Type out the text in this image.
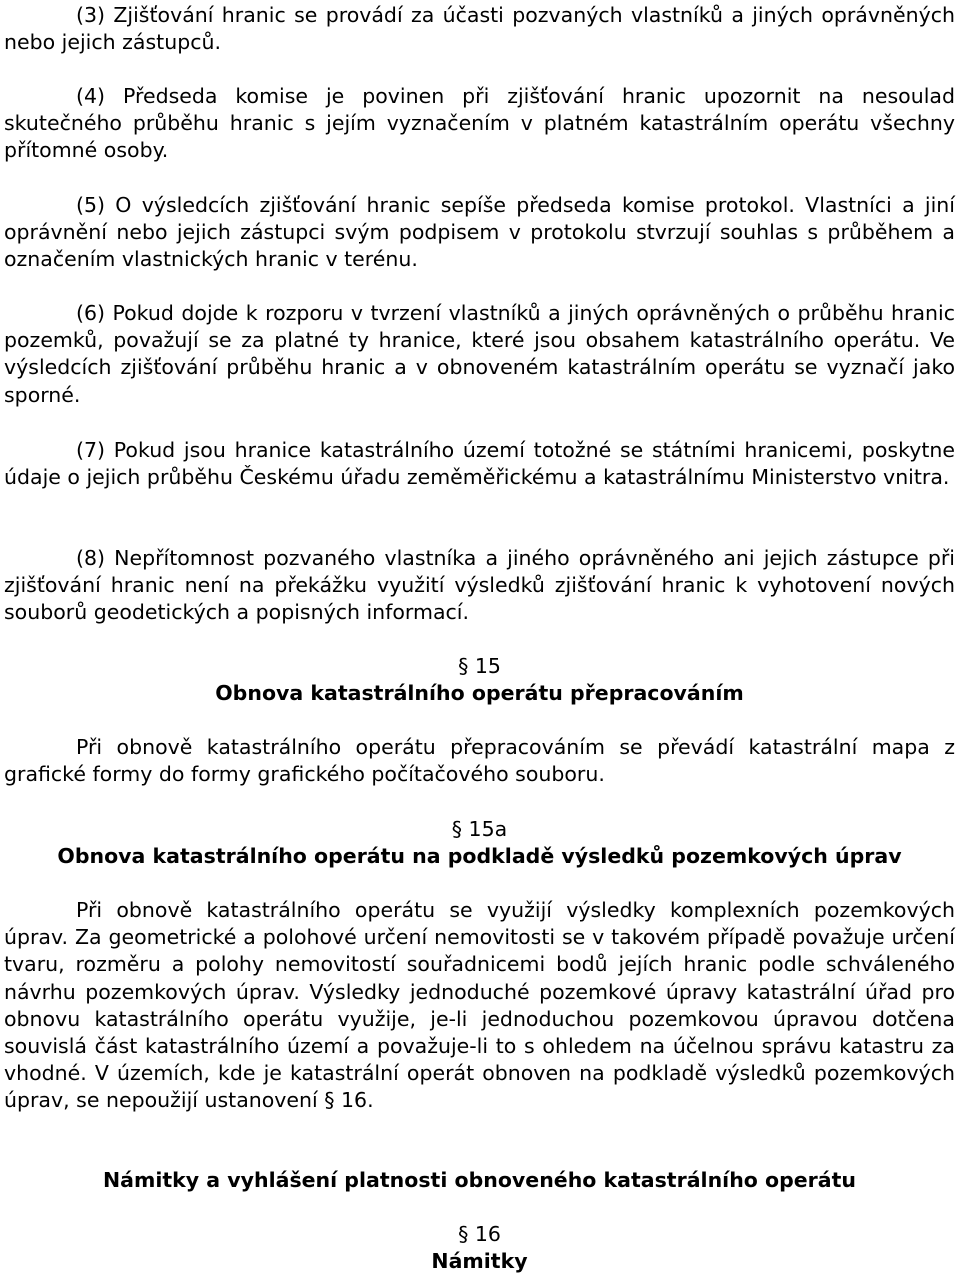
(3) Zjišťování hranic se provádí za účasti pozvaných vlastníků a jiných oprávněných nebo jejich zástupců.

(4) Předseda komise je povinen při zjišťování hranic upozornit na nesoulad skutečného průběhu hranic s jejím vyznačením v platném katastrálním operátu všechny přítomné osoby.

(5) O výsledcích zjišťování hranic sepíše předseda komise protokol. Vlastníci a jiní oprávnění nebo jejich zástupci svým podpisem v protokolu stvrzují souhlas s průběhem a označením vlastnických hranic v terénu.

(6) Pokud dojde k rozporu v tvrzení vlastníků a jiných oprávněných o průběhu hranic pozemků, považují se za platné ty hranice, které jsou obsahem katastrálního operátu. Ve výsledcích zjišťování průběhu hranic a v obnoveném katastrálním operátu se vyznačí jako sporné.

(7) Pokud jsou hranice katastrálního území totožné se státními hranicemi, poskytne údaje o jejich průběhu Českému úřadu zeměměřickému a katastrálnímu Ministerstvo vnitra.

(8) Nepřítomnost pozvaného vlastníka a jiného oprávněného ani jejich zástupce při zjišťování hranic není na překážku využití výsledků zjišťování hranic k vyhotovení nových souborů geodetických a popisných informací.

§ 15

Obnova katastrálního operátu přepracováním

Při obnově katastrálního operátu přepracováním se převádí katastrální mapa z grafické formy do formy grafického počítačového souboru.

§ 15a

Obnova katastrálního operátu na podkladě výsledků pozemkových úprav

Při obnově katastrálního operátu se využijí výsledky komplexních pozemkových úprav. Za geometrické a polohové určení nemovitosti se v takovém případě považuje určení tvaru, rozměru a polohy nemovitostí souřadnicemi bodů jejích hranic podle schváleného návrhu pozemkových úprav. Výsledky jednoduché pozemkové úpravy katastrální úřad pro obnovu katastrálního operátu využije, je-li jednoduchou pozemkovou úpravou dotčena souvislá část katastrálního území a považuje-li to s ohledem na účelnou správu katastru za vhodné. V územích, kde je katastrální operát obnoven na podkladě výsledků pozemkových úprav, se nepoužijí ustanovení § 16.

Námitky a vyhlášení platnosti obnoveného katastrálního operátu

§ 16

Námitky
